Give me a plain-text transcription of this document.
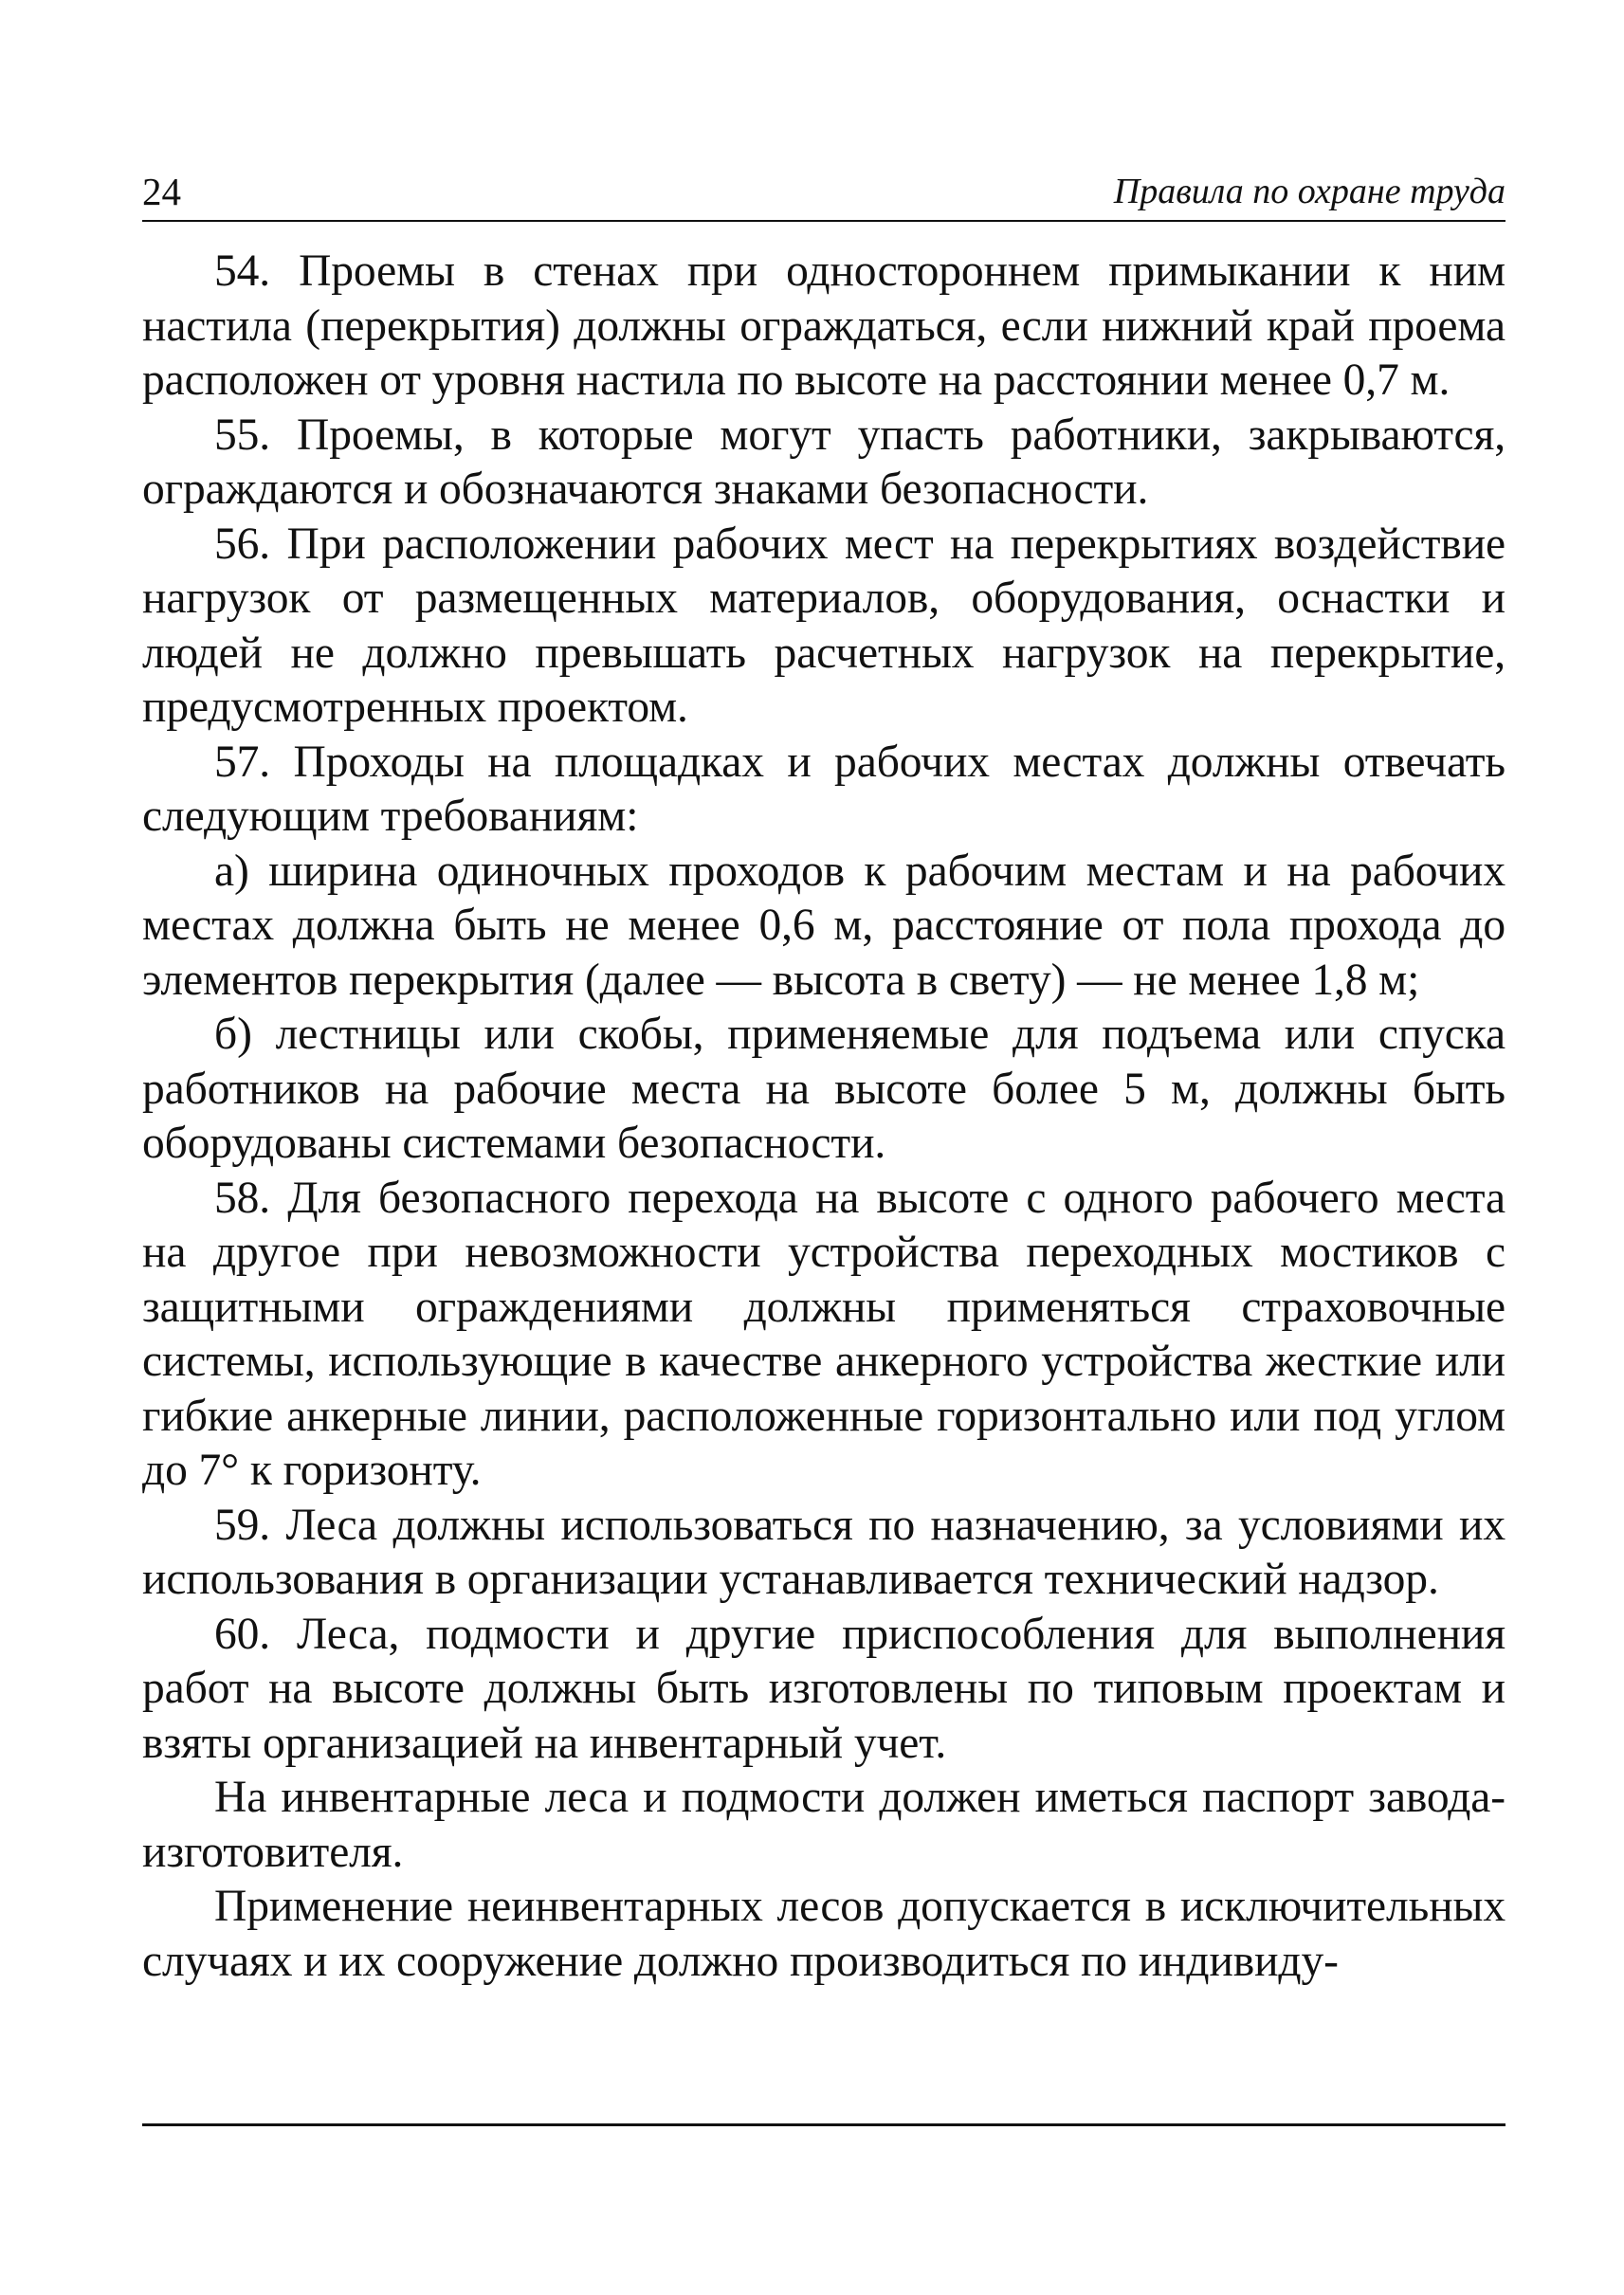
24	Правила по охране труда

54. Проемы в стенах при одностороннем примыкании к ним настила (перекрытия) должны ограждаться, если нижний край проема расположен от уровня настила по высоте на расстоянии менее 0,7 м.

55. Проемы, в которые могут упасть работники, закрываются, ограждаются и обозначаются знаками безопасности.

56. При расположении рабочих мест на перекрытиях воздействие нагрузок от размещенных материалов, оборудования, оснастки и людей не должно превышать расчетных нагрузок на перекрытие, предусмотренных проектом.

57. Проходы на площадках и рабочих местах должны отвечать следующим требованиям:

а) ширина одиночных проходов к рабочим местам и на рабочих местах должна быть не менее 0,6 м, расстояние от пола прохода до элементов перекрытия (далее — высота в свету) — не менее 1,8 м;

б) лестницы или скобы, применяемые для подъема или спуска работников на рабочие места на высоте более 5 м, должны быть оборудованы системами безопасности.

58. Для безопасного перехода на высоте с одного рабочего места на другое при невозможности устройства переходных мостиков с защитными ограждениями должны применяться страховочные системы, использующие в качестве анкерного устройства жесткие или гибкие анкерные линии, расположенные горизонтально или под углом до 7° к горизонту.

59. Леса должны использоваться по назначению, за условиями их использования в организации устанавливается технический надзор.

60. Леса, подмости и другие приспособления для выполнения работ на высоте должны быть изготовлены по типовым проектам и взяты организацией на инвентарный учет.

На инвентарные леса и подмости должен иметься паспорт завода-изготовителя.

Применение неинвентарных лесов допускается в исключительных случаях и их сооружение должно производиться по индивиду-
